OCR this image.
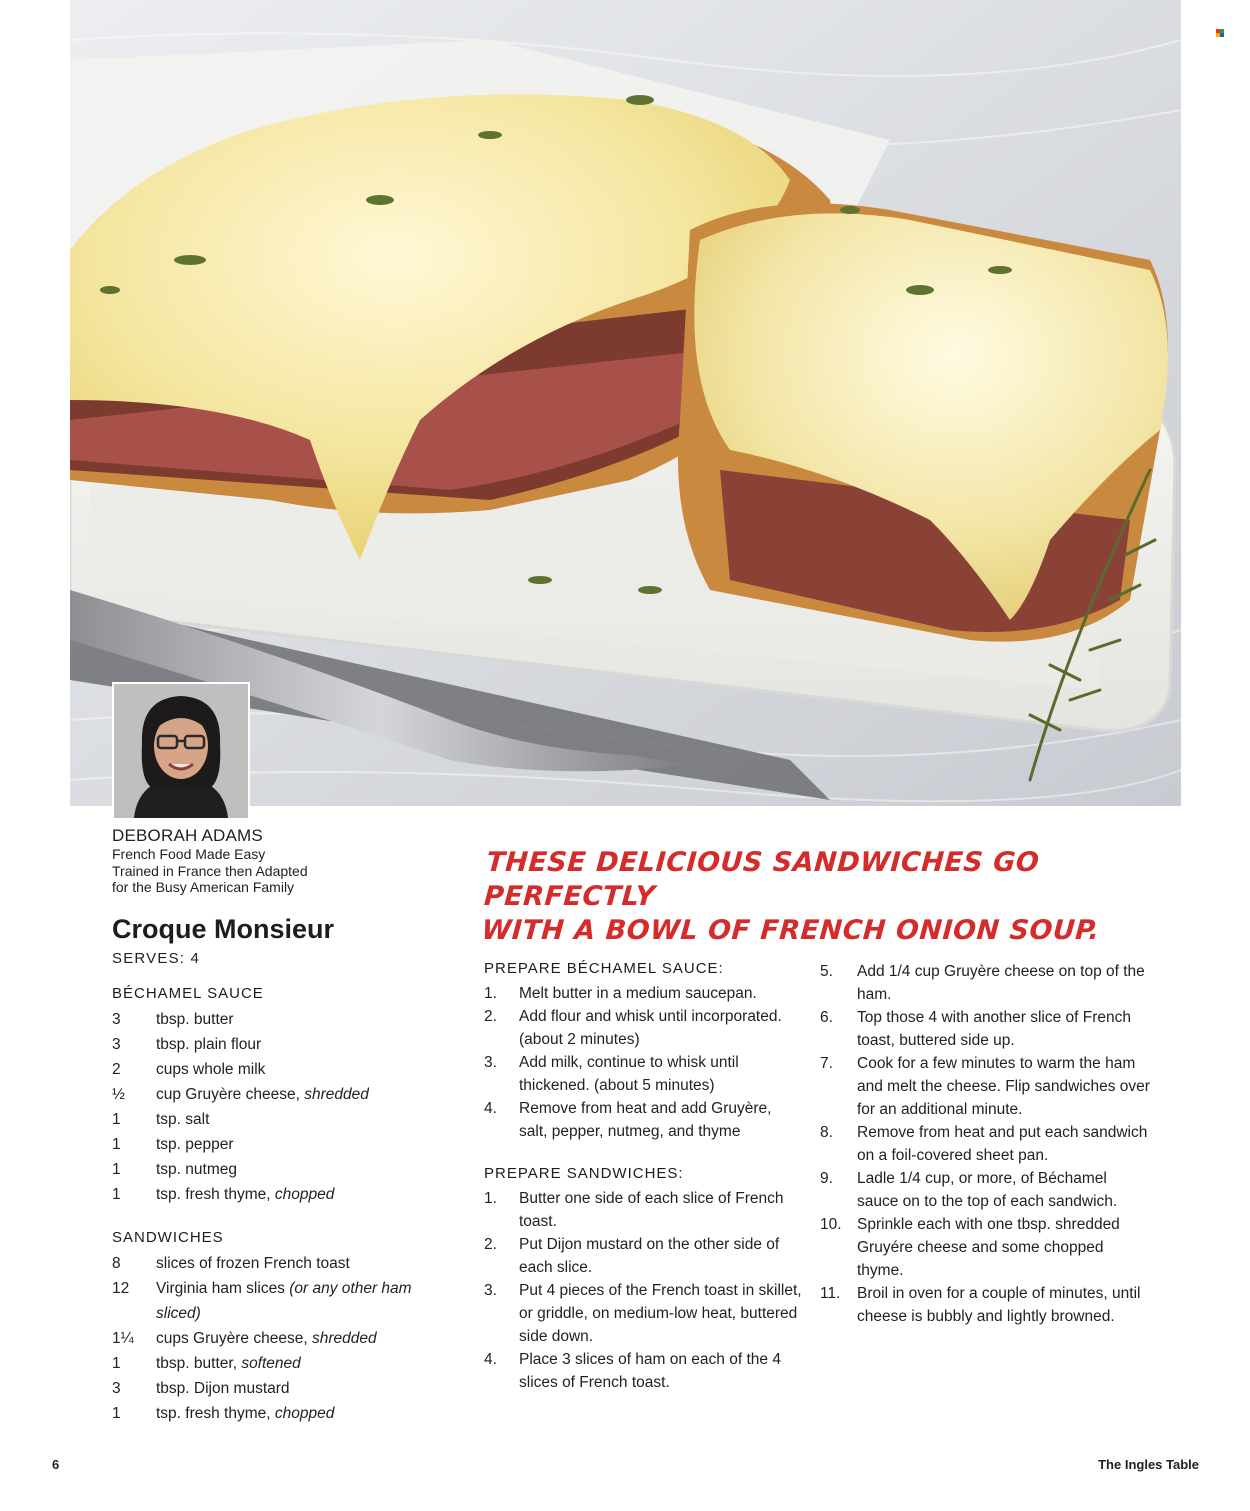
DEBORAH ADAMS
French Food Made Easy
Trained in France then Adapted
for the Busy American Family
THESE DELICIOUS SANDWICHES GO PERFECTLY
WITH A BOWL OF FRENCH ONION SOUP.
Croque Monsieur
SERVES: 4
BÉCHAMEL SAUCE
3 tbsp. butter
3 tbsp. plain flour
2 cups whole milk
½ cup Gruyère cheese, shredded
1 tsp. salt
1 tsp. pepper
1 tsp. nutmeg
1 tsp. fresh thyme, chopped
SANDWICHES
8 slices of frozen French toast
12 Virginia ham slices (or any other ham sliced)
1¼ cups Gruyère cheese, shredded
1 tbsp. butter, softened
3 tbsp. Dijon mustard
1 tsp. fresh thyme, chopped
PREPARE BÉCHAMEL SAUCE:
1. Melt butter in a medium saucepan.
2. Add flour and whisk until incorporated. (about 2 minutes)
3. Add milk, continue to whisk until thickened. (about 5 minutes)
4. Remove from heat and add Gruyère, salt, pepper, nutmeg, and thyme
PREPARE SANDWICHES:
1. Butter one side of each slice of French toast.
2. Put Dijon mustard on the other side of each slice.
3. Put 4 pieces of the French toast in skillet, or griddle, on medium-low heat, buttered side down.
4. Place 3 slices of ham on each of the 4 slices of French toast.
5. Add 1/4 cup Gruyère cheese on top of the ham.
6. Top those 4 with another slice of French toast, buttered side up.
7. Cook for a few minutes to warm the ham and melt the cheese. Flip sandwiches over for an additional minute.
8. Remove from heat and put each sandwich on a foil-covered sheet pan.
9. Ladle 1/4 cup, or more, of Béchamel sauce on to the top of each sandwich.
10. Sprinkle each with one tbsp. shredded Gruyére cheese and some chopped thyme.
11. Broil in oven for a couple of minutes, until cheese is bubbly and lightly browned.
6	The Ingles Table
